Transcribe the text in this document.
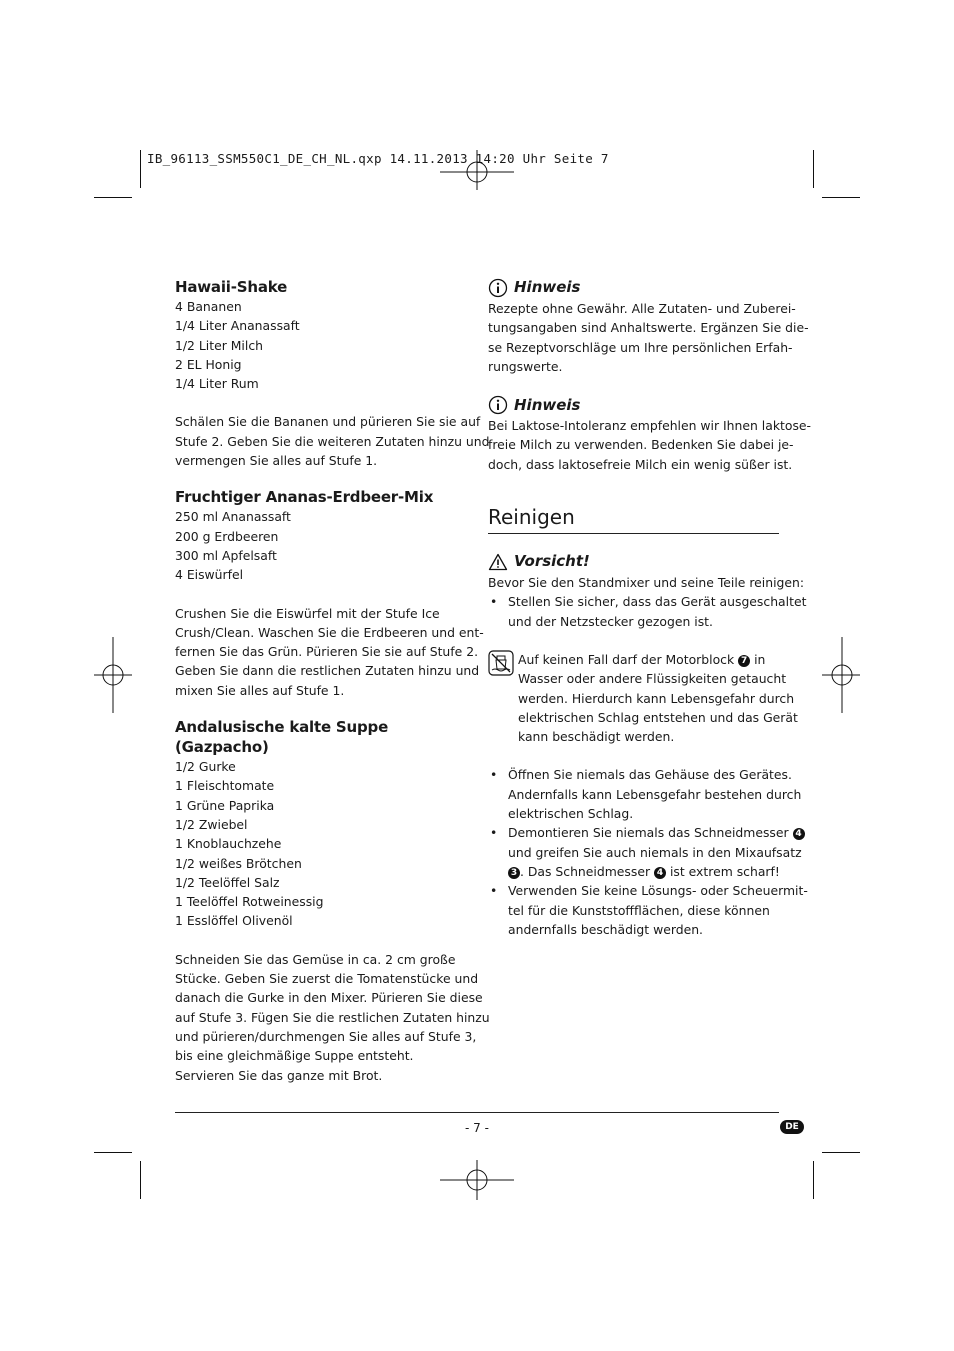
IB_96113_SSM550C1_DE_CH_NL.qxp 14.11.2013 14:20 Uhr Seite 7
Hawaii-Shake
4 Bananen
1/4 Liter Ananassaft
1/2 Liter Milch
2 EL Honig
1/4 Liter Rum
Schälen Sie die Bananen und pürieren Sie sie auf
Stufe 2. Geben Sie die weiteren Zutaten hinzu und
vermengen Sie alles auf Stufe 1.
Fruchtiger Ananas-Erdbeer-Mix
250 ml Ananassaft
200 g Erdbeeren
300 ml Apfelsaft
4 Eiswürfel
Crushen Sie die Eiswürfel mit der Stufe Ice
Crush/Clean. Waschen Sie die Erdbeeren und ent-
fernen Sie das Grün. Pürieren Sie sie auf Stufe 2.
Geben Sie dann die restlichen Zutaten hinzu und
mixen Sie alles auf Stufe 1.
Andalusische kalte Suppe (Gazpacho)
1/2 Gurke
1 Fleischtomate
1 Grüne Paprika
1/2 Zwiebel
1 Knoblauchzehe
1/2 weißes Brötchen
1/2 Teelöffel Salz
1 Teelöffel Rotweinessig
1 Esslöffel Olivenöl
Schneiden Sie das Gemüse in ca. 2 cm große
Stücke. Geben Sie zuerst die Tomatenstücke und
danach die Gurke in den Mixer. Pürieren Sie diese
auf Stufe 3. Fügen Sie die restlichen Zutaten hinzu
und pürieren/durchmengen Sie alles auf Stufe 3,
bis eine gleichmäßige Suppe entsteht.
Servieren Sie das ganze mit Brot.
Hinweis
Rezepte ohne Gewähr. Alle Zutaten- und Zuberei-
tungsangaben sind Anhaltswerte. Ergänzen Sie die-
se Rezeptvorschläge um Ihre persönlichen Erfah-
rungswerte.
Hinweis
Bei Laktose-Intoleranz empfehlen wir Ihnen laktose-
freie Milch zu verwenden. Bedenken Sie dabei je-
doch, dass laktosefreie Milch ein wenig süßer ist.
Reinigen
Vorsicht!
Bevor Sie den Standmixer und seine Teile reinigen:
• Stellen Sie sicher, dass das Gerät ausgeschaltet
und der Netzstecker gezogen ist.
Auf keinen Fall darf der Motorblock 7 in
Wasser oder andere Flüssigkeiten getaucht
werden. Hierdurch kann Lebensgefahr durch
elektrischen Schlag entstehen und das Gerät
kann beschädigt werden.
• Öffnen Sie niemals das Gehäuse des Gerätes.
Andernfalls kann Lebensgefahr bestehen durch
elektrischen Schlag.
• Demontieren Sie niemals das Schneidmesser 4
und greifen Sie auch niemals in den Mixaufsatz
3 . Das Schneidmesser 4 ist extrem scharf!
• Verwenden Sie keine Lösungs- oder Scheuermit-
tel für die Kunststoffflächen, diese können
andernfalls beschädigt werden.
- 7 -	DE
